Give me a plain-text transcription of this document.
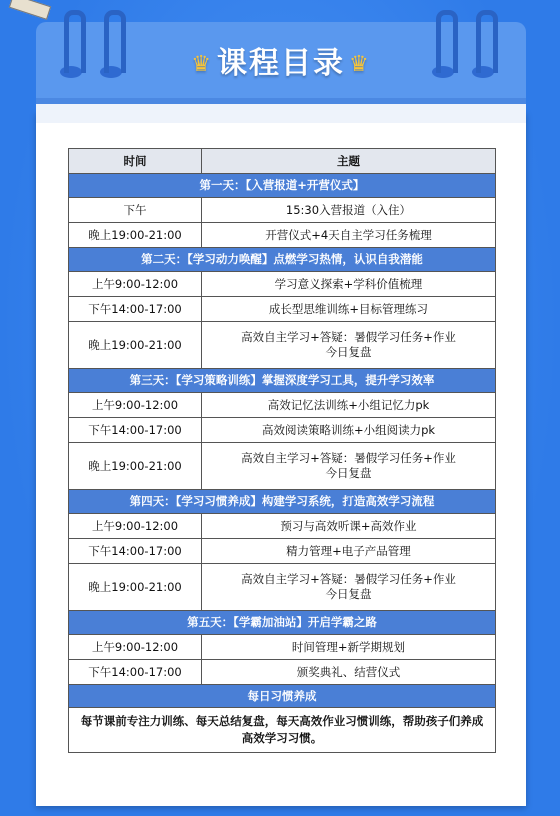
♛ 课程目录 ♛
时间	主题
第一天：【入营报道+开营仪式】	
下午	15:30入营报道（入住）

晚上19:00-21:00	开营仪式+4天自主学习任务梳理

第二天：【学习动力唤醒】点燃学习热情，认识自我潜能	
上午9:00-12:00	学习意义探索+学科价值梳理

下午14:00-17:00	成长型思维训练+目标管理练习

晚上19:00-21:00	高效自主学习+答疑：暑假学习任务+作业
今日复盘

第三天：【学习策略训练】掌握深度学习工具，提升学习效率	
上午9:00-12:00	高效记忆法训练+小组记忆力pk

下午14:00-17:00	高效阅读策略训练+小组阅读力pk

晚上19:00-21:00	高效自主学习+答疑：暑假学习任务+作业
今日复盘

第四天：【学习习惯养成】构建学习系统，打造高效学习流程	
上午9:00-12:00	预习与高效听课+高效作业

下午14:00-17:00	精力管理+电子产品管理

晚上19:00-21:00	高效自主学习+答疑：暑假学习任务+作业
今日复盘

第五天：【学霸加油站】开启学霸之路	
上午9:00-12:00	时间管理+新学期规划

下午14:00-17:00	颁奖典礼、结营仪式

每日习惯养成	

每节课前专注力训练、每天总结复盘，每天高效作业习惯训练，帮助孩子们养成
高效学习习惯。	
